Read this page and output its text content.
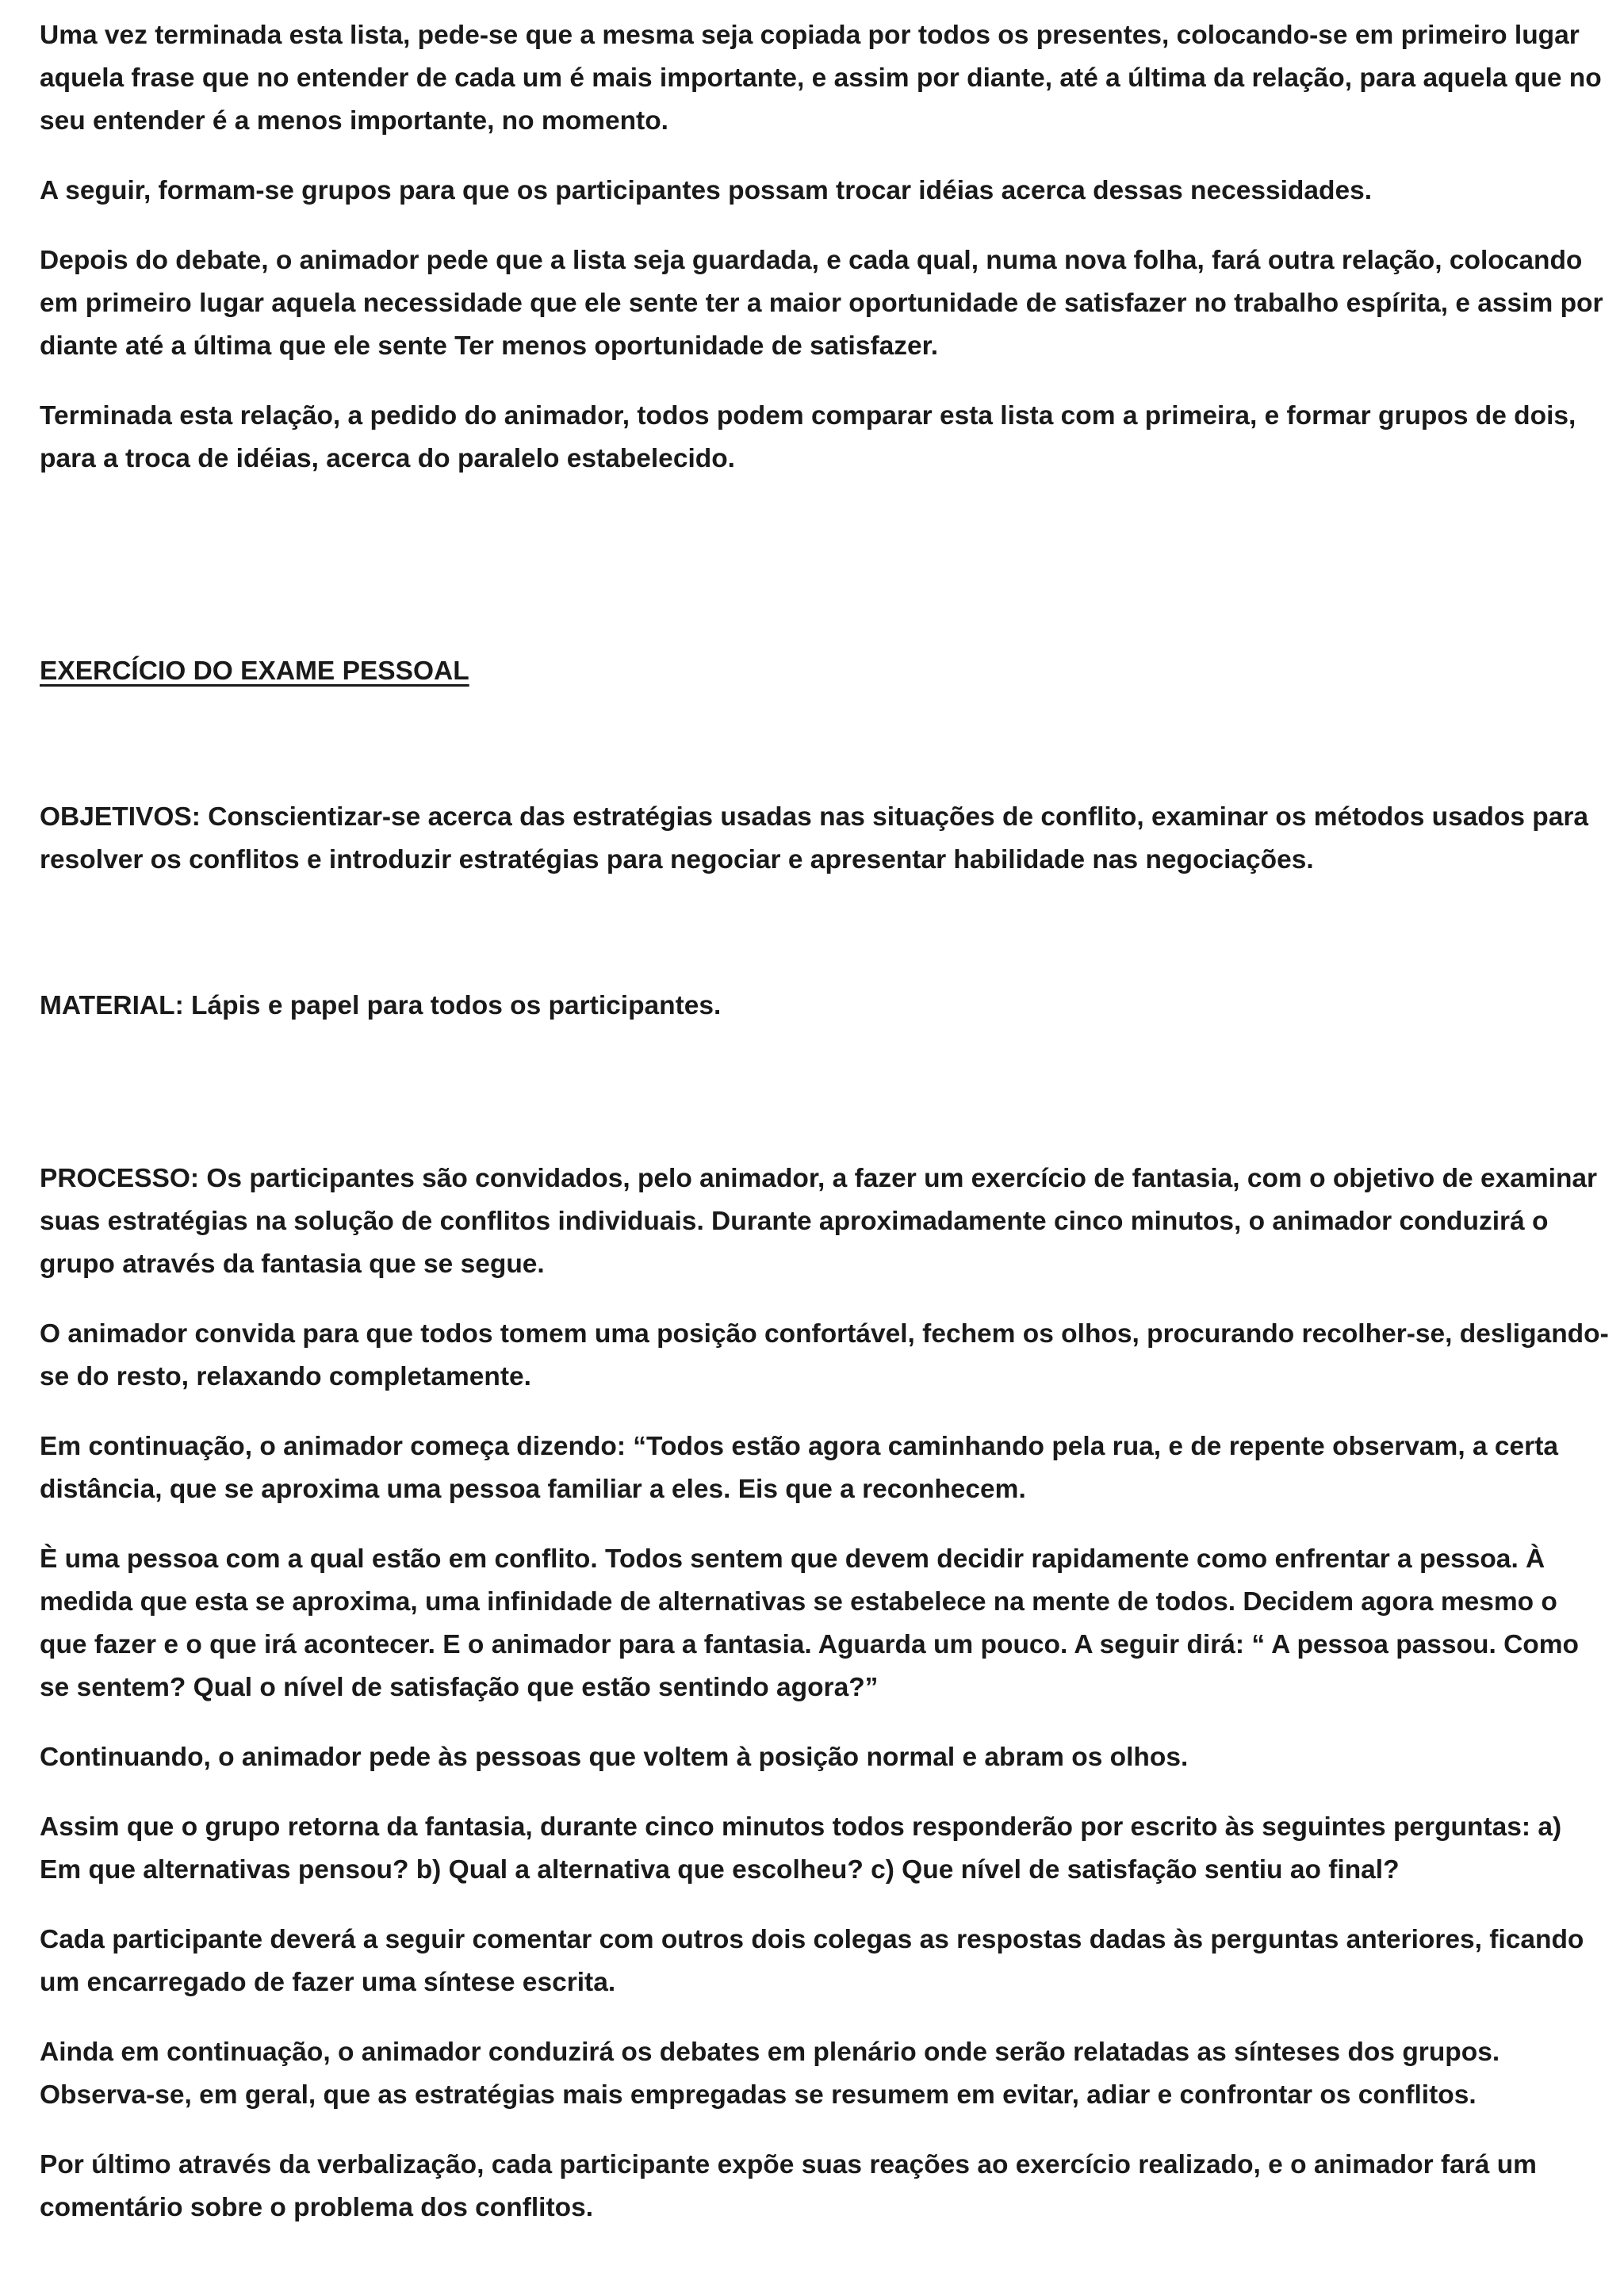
Uma vez terminada esta lista, pede-se que a mesma seja copiada por todos os presentes, colocando-se em primeiro lugar aquela frase que no entender de cada um é mais importante, e assim por diante, até a última da relação, para aquela que no seu entender é a menos importante, no momento.

A seguir, formam-se grupos para que os participantes possam trocar idéias acerca dessas necessidades.

Depois do debate, o animador pede que a lista seja guardada, e cada qual, numa nova folha, fará outra relação, colocando em primeiro lugar aquela necessidade que ele sente ter a maior oportunidade de satisfazer no trabalho espírita, e assim por diante até a última que ele sente Ter menos oportunidade de satisfazer.

Terminada esta relação, a pedido do animador, todos podem comparar esta lista com a primeira, e formar grupos de dois, para a troca de idéias, acerca do paralelo estabelecido.

EXERCÍCIO DO EXAME PESSOAL

OBJETIVOS: Conscientizar-se acerca das estratégias usadas nas situações de conflito, examinar os métodos usados para resolver os conflitos e introduzir estratégias para negociar e apresentar habilidade nas negociações.

MATERIAL: Lápis e papel para todos os participantes.

PROCESSO: Os participantes são convidados, pelo animador, a fazer um exercício de fantasia, com o objetivo de examinar suas estratégias na solução de conflitos individuais. Durante aproximadamente cinco minutos, o animador conduzirá o grupo através da fantasia que se segue.

O animador convida para que todos tomem uma posição confortável, fechem os olhos, procurando recolher-se, desligando-se do resto, relaxando completamente.

Em continuação, o animador começa dizendo: “Todos estão agora caminhando pela rua, e de repente observam, a certa distância, que se aproxima uma pessoa familiar a eles. Eis que a reconhecem.

È uma pessoa com a qual estão em conflito. Todos sentem que devem decidir rapidamente como enfrentar a pessoa. À medida que esta se aproxima, uma infinidade de alternativas se estabelece na mente de todos. Decidem agora mesmo o que fazer e o que irá acontecer. E o animador para a fantasia. Aguarda um pouco. A seguir dirá: “ A pessoa passou. Como se sentem? Qual o nível de satisfação que estão sentindo agora?”

Continuando, o animador pede às pessoas que voltem à posição normal e abram os olhos.

Assim que o grupo retorna da fantasia, durante cinco minutos todos responderão por escrito às seguintes perguntas: a) Em que alternativas pensou? b) Qual a alternativa que escolheu? c) Que nível de satisfação sentiu ao final?

Cada participante deverá a seguir comentar com outros dois colegas as respostas dadas às perguntas anteriores, ficando um encarregado de fazer uma síntese escrita.

Ainda em continuação, o animador conduzirá os debates em plenário onde serão relatadas as sínteses dos grupos. Observa-se, em geral, que as estratégias mais empregadas se resumem em evitar, adiar e confrontar os conflitos.

Por último através da verbalização, cada participante expõe suas reações ao exercício realizado, e o animador fará um comentário sobre o problema dos conflitos.
